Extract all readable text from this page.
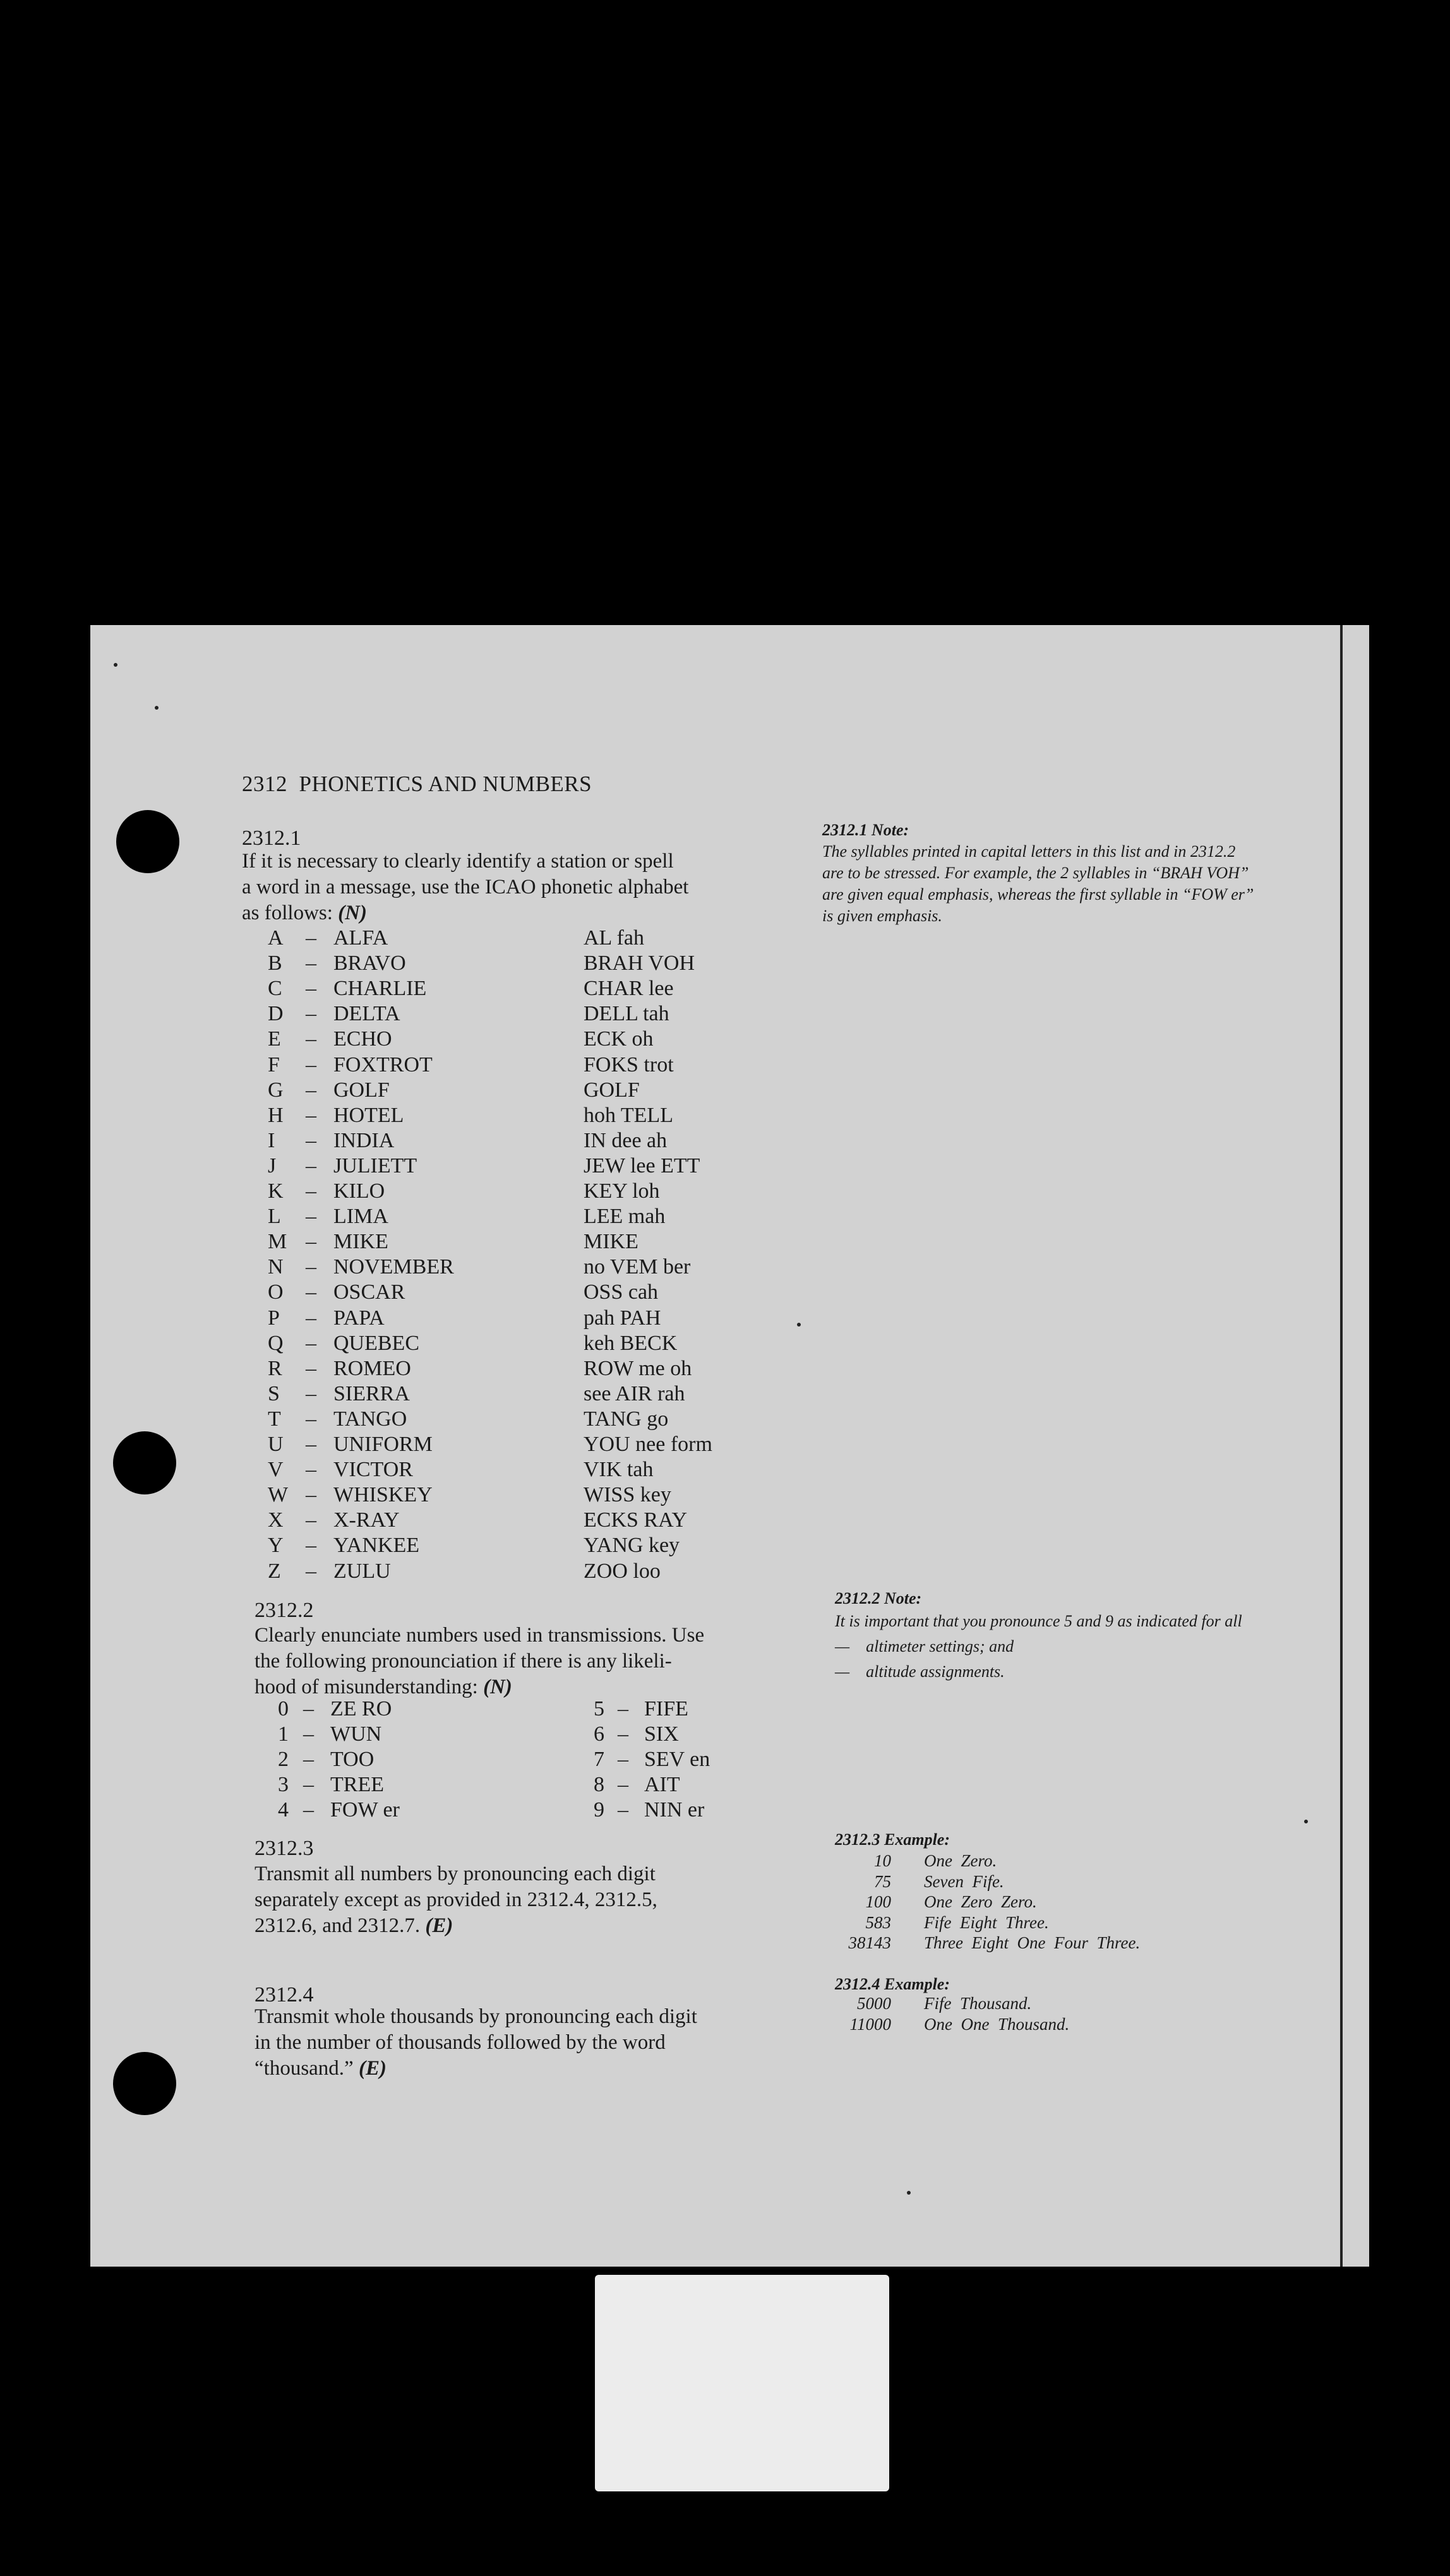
2312 PHONETICS AND NUMBERS
2312.1
If it is necessary to clearly identify a station or spell
a word in a message, use the ICAO phonetic alphabet
as follows: (N)
A – ALFA	AL fah
B – BRAVO	BRAH VOH
C – CHARLIE	CHAR lee
D – DELTA	DELL tah
E – ECHO	ECK oh
F – FOXTROT	FOKS trot
G – GOLF	GOLF
H – HOTEL	hoh TELL
I – INDIA	IN dee ah
J – JULIETT	JEW lee ETT
K – KILO	KEY loh
L – LIMA	LEE mah
M – MIKE	MIKE
N – NOVEMBER	no VEM ber
O – OSCAR	OSS cah
P – PAPA	pah PAH
Q – QUEBEC	keh BECK
R – ROMEO	ROW me oh
S – SIERRA	see AIR rah
T – TANGO	TANG go
U – UNIFORM	YOU nee form
V – VICTOR	VIK tah
W – WHISKEY	WISS key
X – X-RAY	ECKS RAY
Y – YANKEE	YANG key
Z – ZULU	ZOO loo
2312.2
Clearly enunciate numbers used in transmissions. Use
the following pronounciation if there is any likeli-
hood of misunderstanding: (N)
0 – ZE RO	5 – FIFE
1 – WUN	6 – SIX
2 – TOO	7 – SEV en
3 – TREE	8 – AIT
4 – FOW er	9 – NIN er
2312.3
Transmit all numbers by pronouncing each digit
separately except as provided in 2312.4, 2312.5,
2312.6, and 2312.7. (E)
2312.4
Transmit whole thousands by pronouncing each digit
in the number of thousands followed by the word
“thousand.” (E)
2312.1 Note:
The syllables printed in capital letters in this list and in 2312.2
are to be stressed. For example, the 2 syllables in “BRAH VOH”
are given equal emphasis, whereas the first syllable in “FOW er”
is given emphasis.
2312.2 Note:
It is important that you pronounce 5 and 9 as indicated for all
— altimeter settings; and
— altitude assignments.
2312.3 Example:
10 One  Zero.
75 Seven  Fife.
100 One  Zero  Zero.
583 Fife  Eight  Three.
38143 Three  Eight  One  Four  Three.
2312.4 Example:
5000 Fife  Thousand.
11000 One  One  Thousand.
